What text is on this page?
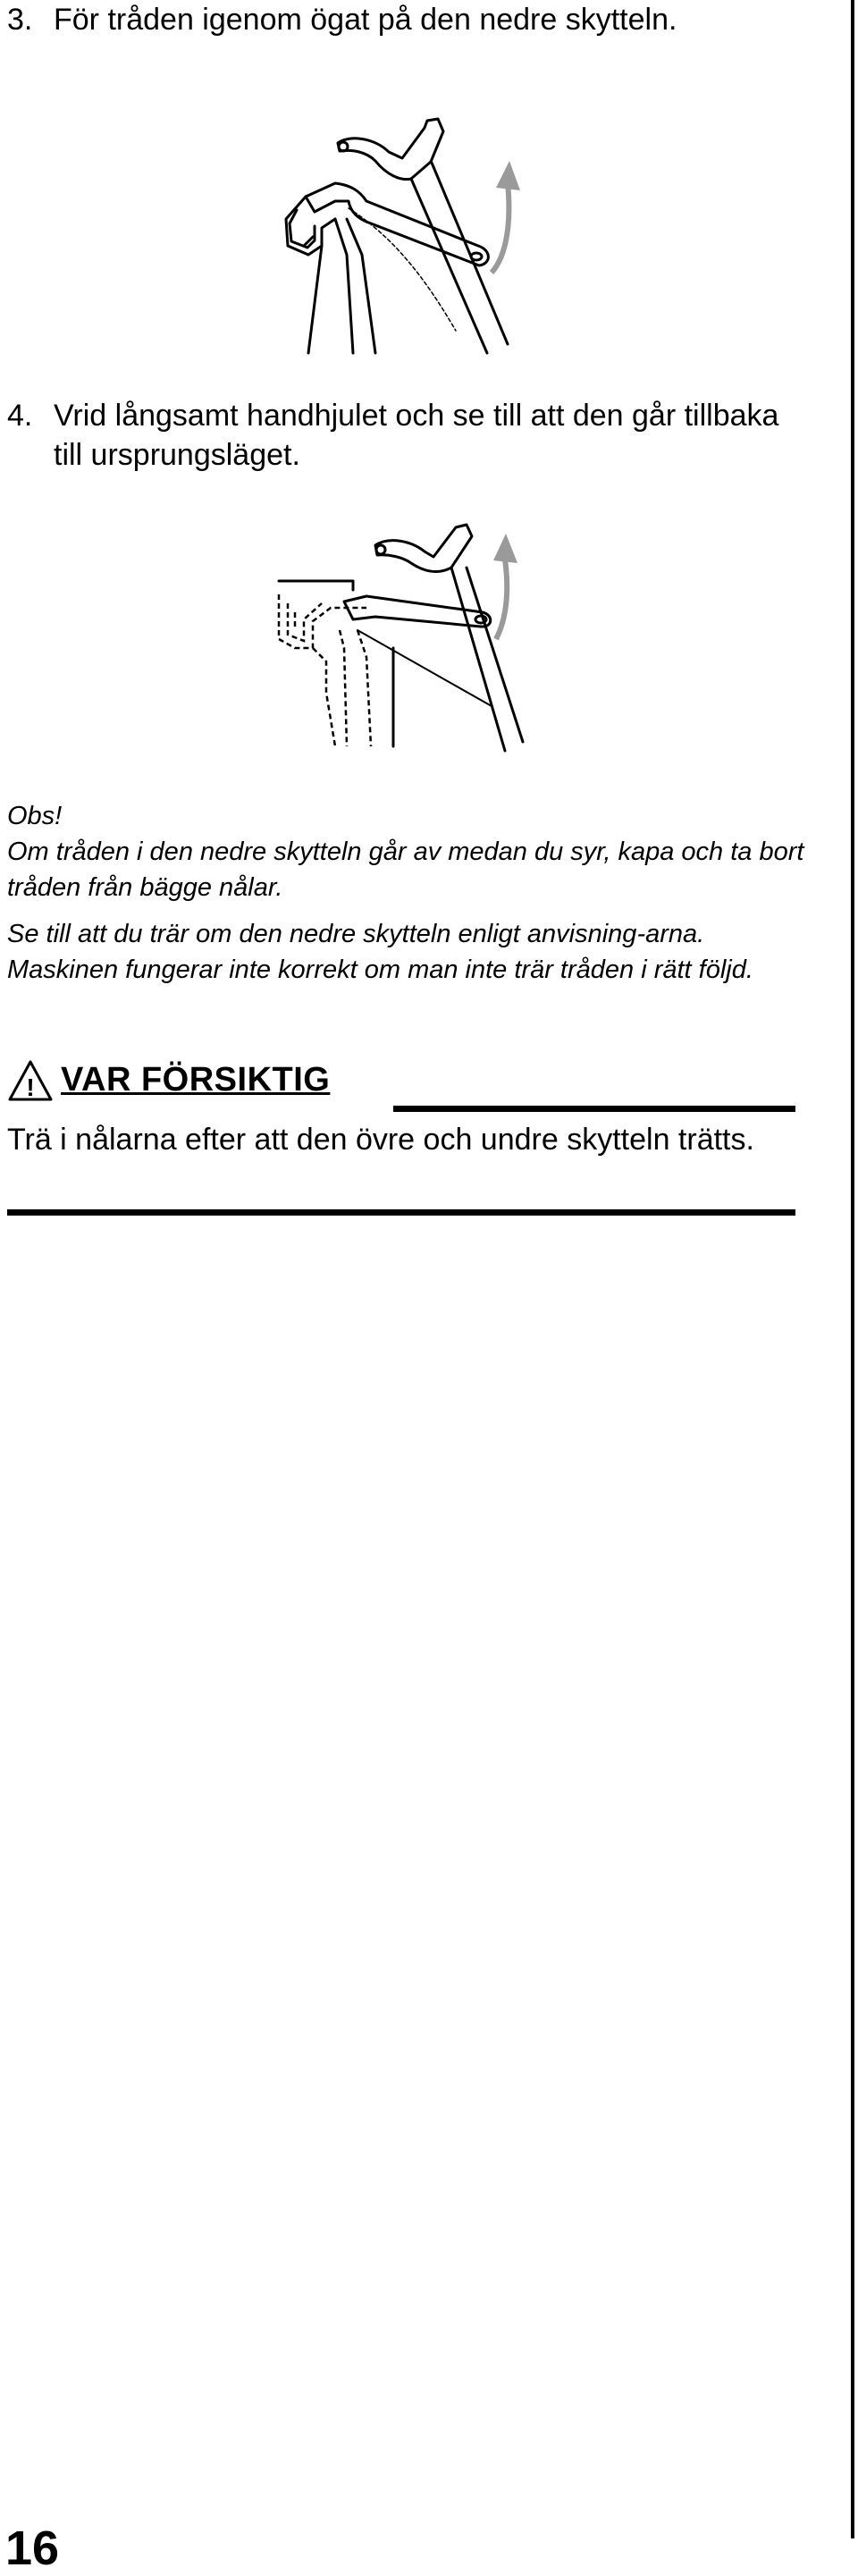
3. För tråden igenom ögat på den nedre skytteln.
4. Vrid långsamt handhjulet och se till att den går tillbaka till ursprungsläget.

Obs!

Om tråden i den nedre skytteln går av medan du syr, kapa och ta bort tråden från bägge nålar.

Se till att du trär om den nedre skytteln enligt anvisning-arna. Maskinen fungerar inte korrekt om man inte trär tråden i rätt följd.

! VAR FÖRSIKTIG
Trä i nålarna efter att den övre och undre skytteln trätts.
16
